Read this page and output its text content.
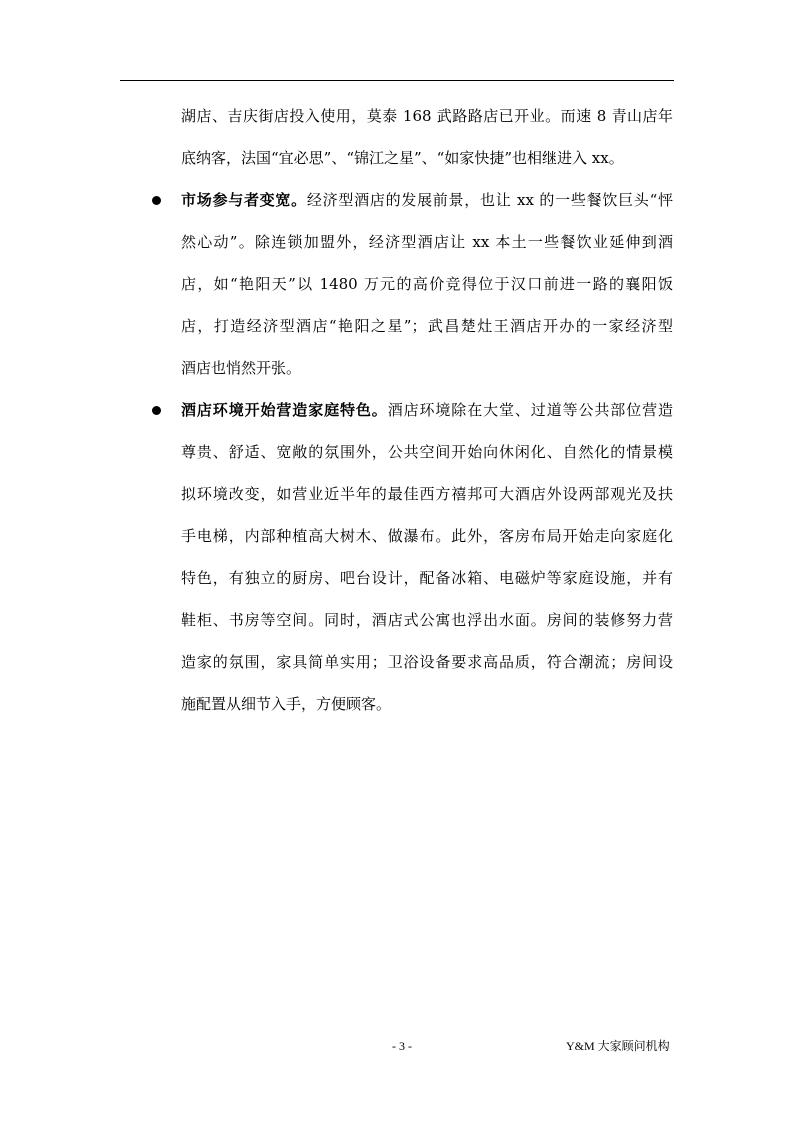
湖店、吉庆街店投入使用，莫泰 168 武路路店已开业。而速 8 青山店年
底纳客，法国“宜必思”、“锦江之星”、“如家快捷”也相继进入 xx。
市场参与者变宽。经济型酒店的发展前景，也让 xx 的一些餐饮巨头“怦
然心动”。除连锁加盟外，经济型酒店让 xx 本土一些餐饮业延伸到酒
店，如“艳阳天”以 1480 万元的高价竞得位于汉口前进一路的襄阳饭
店，打造经济型酒店“艳阳之星”；武昌楚灶王酒店开办的一家经济型
酒店也悄然开张。
酒店环境开始营造家庭特色。酒店环境除在大堂、过道等公共部位营造
尊贵、舒适、宽敞的氛围外，公共空间开始向休闲化、自然化的情景模
拟环境改变，如营业近半年的最佳西方禧邦可大酒店外设两部观光及扶
手电梯，内部种植高大树木、做瀑布。此外，客房布局开始走向家庭化
特色，有独立的厨房、吧台设计，配备冰箱、电磁炉等家庭设施，并有
鞋柜、书房等空间。同时，酒店式公寓也浮出水面。房间的装修努力营
造家的氛围，家具简单实用；卫浴设备要求高品质，符合潮流；房间设
施配置从细节入手，方便顾客。
- 3 -	Y&M 大家顾问机构
